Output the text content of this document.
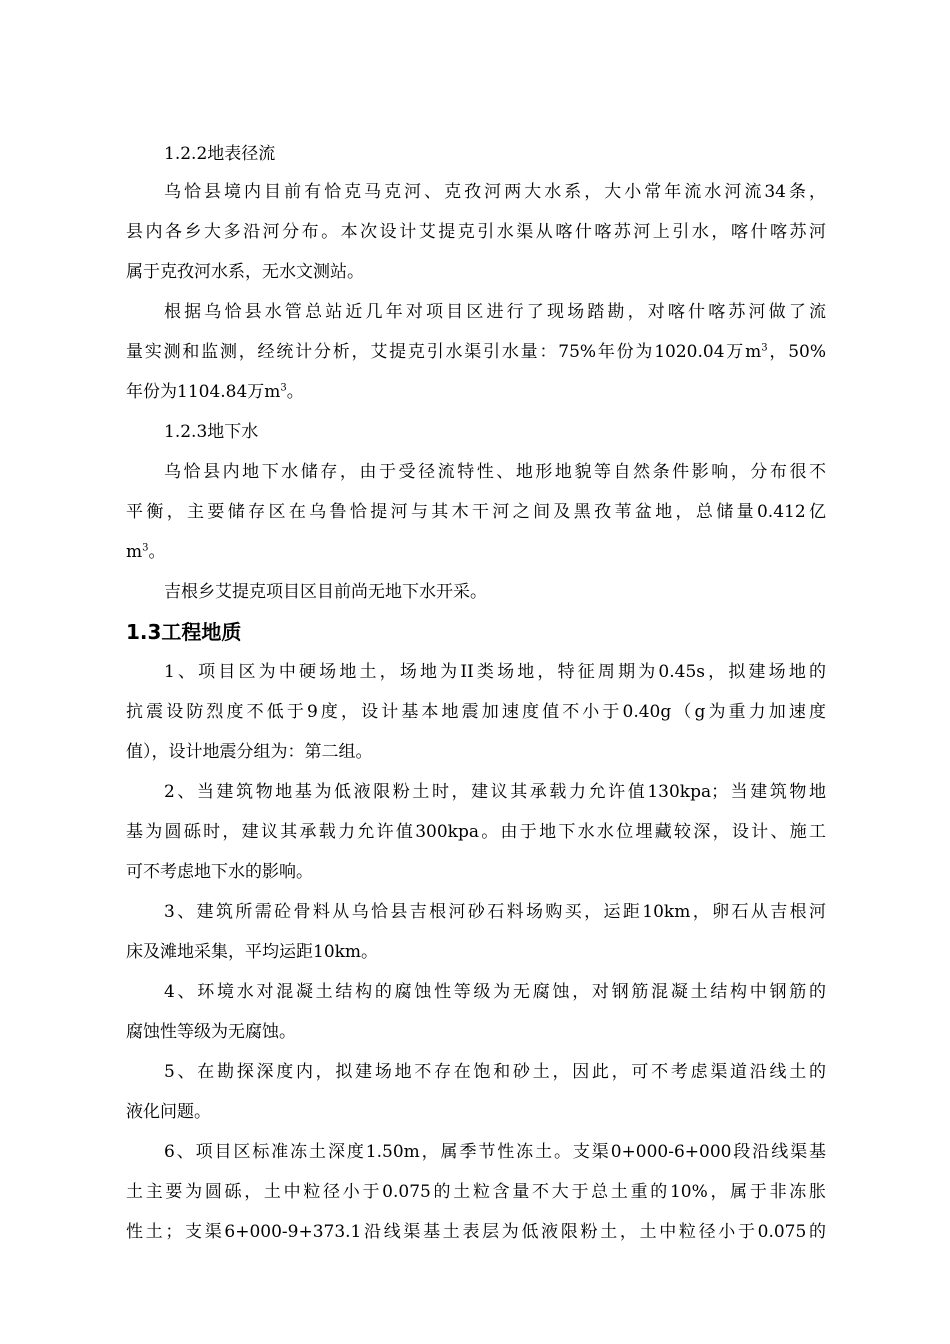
1.2.2地表径流
乌恰县境内目前有恰克马克河、克孜河两大水系，大小常年流水河流34条，
县内各乡大多沿河分布。本次设计艾提克引水渠从喀什喀苏河上引水，喀什喀苏河
属于克孜河水系，无水文测站。
根据乌恰县水管总站近几年对项目区进行了现场踏勘，对喀什喀苏河做了流
量实测和监测，经统计分析，艾提克引水渠引水量：75%年份为1020.04万$m^3$，50%
年份为1104.84万$m^3$。
1.2.3地下水
乌恰县内地下水储存，由于受径流特性、地形地貌等自然条件影响，分布很不
平衡，主要储存区在乌鲁恰提河与其木干河之间及黑孜苇盆地，总储量0.412亿
$m^3$。
吉根乡艾提克项目区目前尚无地下水开采。
1.3工程地质
1、项目区为中硬场地土，场地为II类场地，特征周期为0.45s，拟建场地的
抗震设防烈度不低于9度，设计基本地震加速度值不小于0.40g（g为重力加速度
值），设计地震分组为：第二组。
2、当建筑物地基为低液限粉土时，建议其承载力允许值130kpa；当建筑物地
基为圆砾时，建议其承载力允许值300kpa。由于地下水水位埋藏较深，设计、施工
可不考虑地下水的影响。
3、建筑所需砼骨料从乌恰县吉根河砂石料场购买，运距10km，卵石从吉根河
床及滩地采集，平均运距10km。
4、环境水对混凝土结构的腐蚀性等级为无腐蚀，对钢筋混凝土结构中钢筋的
腐蚀性等级为无腐蚀。
5、在勘探深度内，拟建场地不存在饱和砂土，因此，可不考虑渠道沿线土的
液化问题。
6、项目区标准冻土深度1.50m，属季节性冻土。支渠0+000-6+000段沿线渠基
土主要为圆砾，土中粒径小于0.075的土粒含量不大于总土重的10%，属于非冻胀
性土；支渠6+000-9+373.1沿线渠基土表层为低液限粉土，土中粒径小于0.075的
